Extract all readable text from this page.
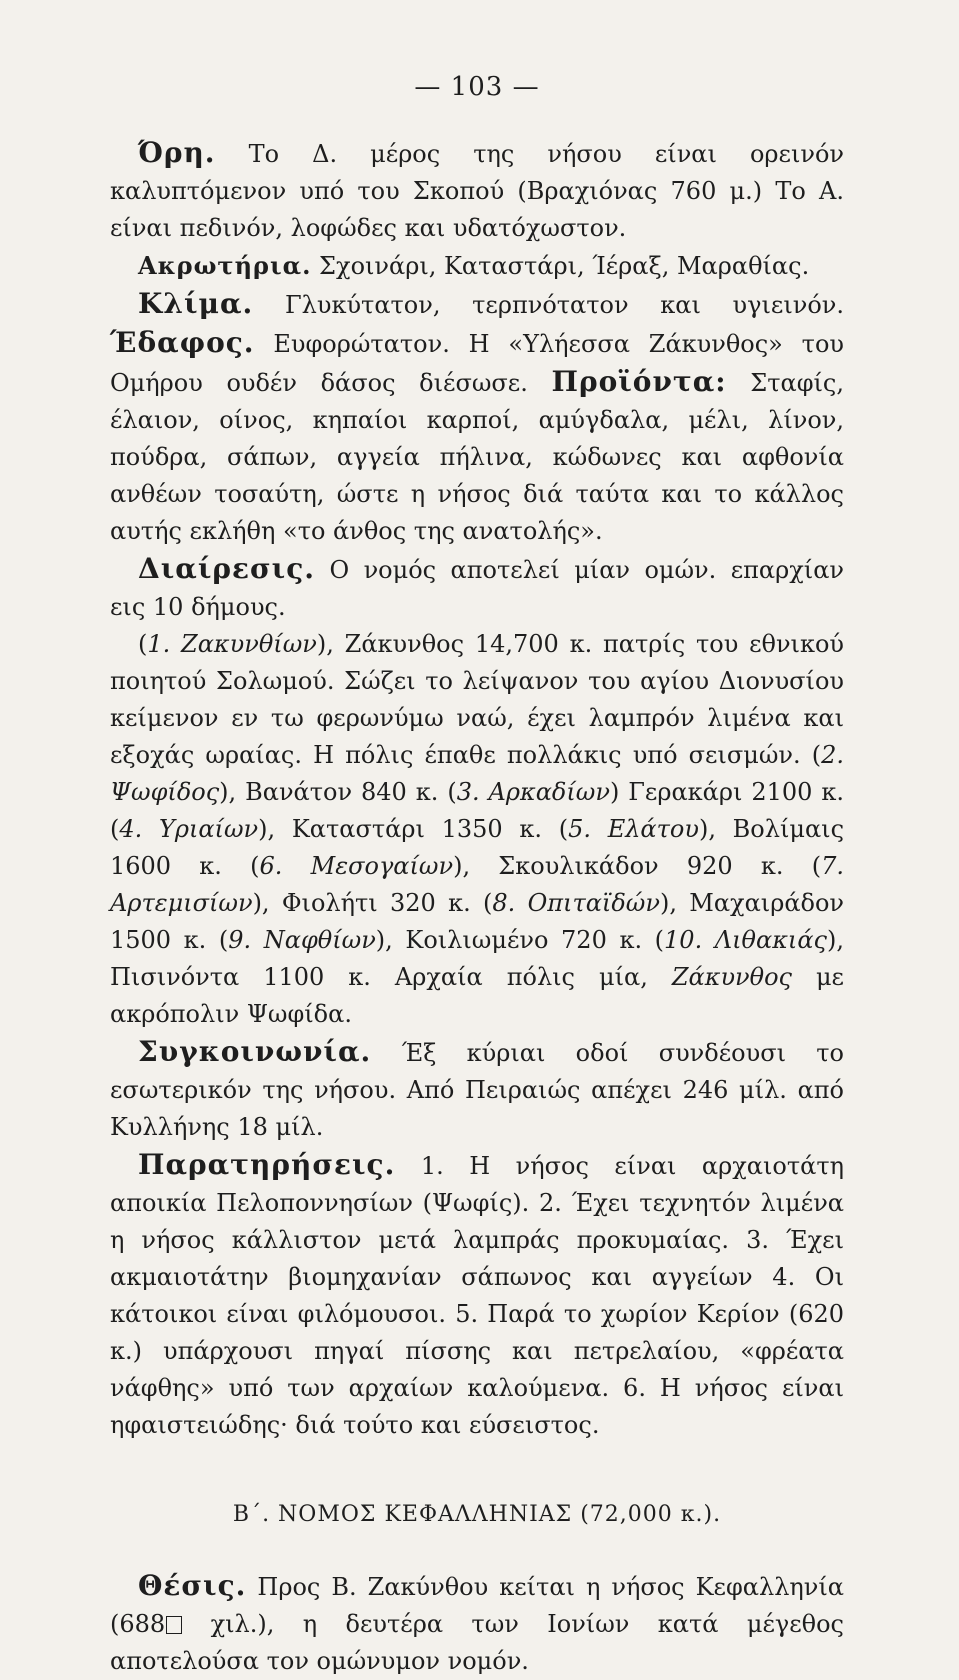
— 103 —

Όρη. Το Δ. μέρος της νήσου είναι ορεινόν καλυπτόμενον υπό του Σκοπού (Βραχιόνας 760 μ.) Το Α. είναι πεδινόν, λοφώδες και υδατόχωστον.

Ακρωτήρια. Σχοινάρι, Καταστάρι, Ίέραξ, Μαραθίας.

Κλίμα. Γλυκύτατον, τερπνότατον και υγιεινόν. Έδαφος. Ευφορώτατον. Η «Υλήεσσα Ζάκυνθος» του Ομήρου ουδέν δάσος διέσωσε. Προϊόντα: Σταφίς, έλαιον, οίνος, κηπαίοι καρποί, αμύγδαλα, μέλι, λίνον, πούδρα, σάπων, αγγεία πήλινα, κώδωνες και αφθονία ανθέων τοσαύτη, ώστε η νήσος διά ταύτα και το κάλλος αυτής εκλήθη «το άνθος της ανατολής».

Διαίρεσις. Ο νομός αποτελεί μίαν ομών. επαρχίαν εις 10 δήμους.

(1. Ζακυνθίων), Ζάκυνθος 14,700 κ. πατρίς του εθνικού ποιητού Σολωμού. Σώζει το λείψανον του αγίου Διονυσίου κείμενον εν τω φερωνύμω ναώ, έχει λαμπρόν λιμένα και εξοχάς ωραίας. Η πόλις έπαθε πολλάκις υπό σεισμών. (2. Ψωφίδος), Βανάτον 840 κ. (3. Αρκαδίων) Γερακάρι 2100 κ. (4. Υριαίων), Καταστάρι 1350 κ. (5. Ελάτου), Βολίμαις 1600 κ. (6. Μεσογαίων), Σκουλικάδον 920 κ. (7. Αρτεμισίων), Φιολήτι 320 κ. (8. Οπιταϊδών), Μαχαιράδον 1500 κ. (9. Ναφθίων), Κοιλιωμένο 720 κ. (10. Λιθακιάς), Πισινόντα 1100 κ. Αρχαία πόλις μία, Ζάκυνθος με ακρόπολιν Ψωφίδα.

Συγκοινωνία. Έξ κύριαι οδοί συνδέουσι το εσωτερικόν της νήσου. Από Πειραιώς απέχει 246 μίλ. από Κυλλήνης 18 μίλ.

Παρατηρήσεις. 1. Η νήσος είναι αρχαιοτάτη αποικία Πελοποννησίων (Ψωφίς). 2. Έχει τεχνητόν λιμένα η νήσος κάλλιστον μετά λαμπράς προκυμαίας. 3. Έχει ακμαιοτάτην βιομηχανίαν σάπωνος και αγγείων 4. Οι κάτοικοι είναι φιλόμουσοι. 5. Παρά το χωρίον Κερίον (620 κ.) υπάρχουσι πηγαί πίσσης και πετρελαίου, «φρέατα νάφθης» υπό των αρχαίων καλούμενα. 6. Η νήσος είναι ηφαιστειώδης· διά τούτο και εύσειστος.

Β΄. ΝΟΜΟΣ ΚΕΦΑΛΛΗΝΙΑΣ (72,000 κ.).

Θέσις. Προς Β. Ζακύνθου κείται η νήσος Κεφαλληνία (688 χιλ.), η δευτέρα των Ιονίων κατά μέγεθος αποτελούσα τον ομώνυμον νομόν.
